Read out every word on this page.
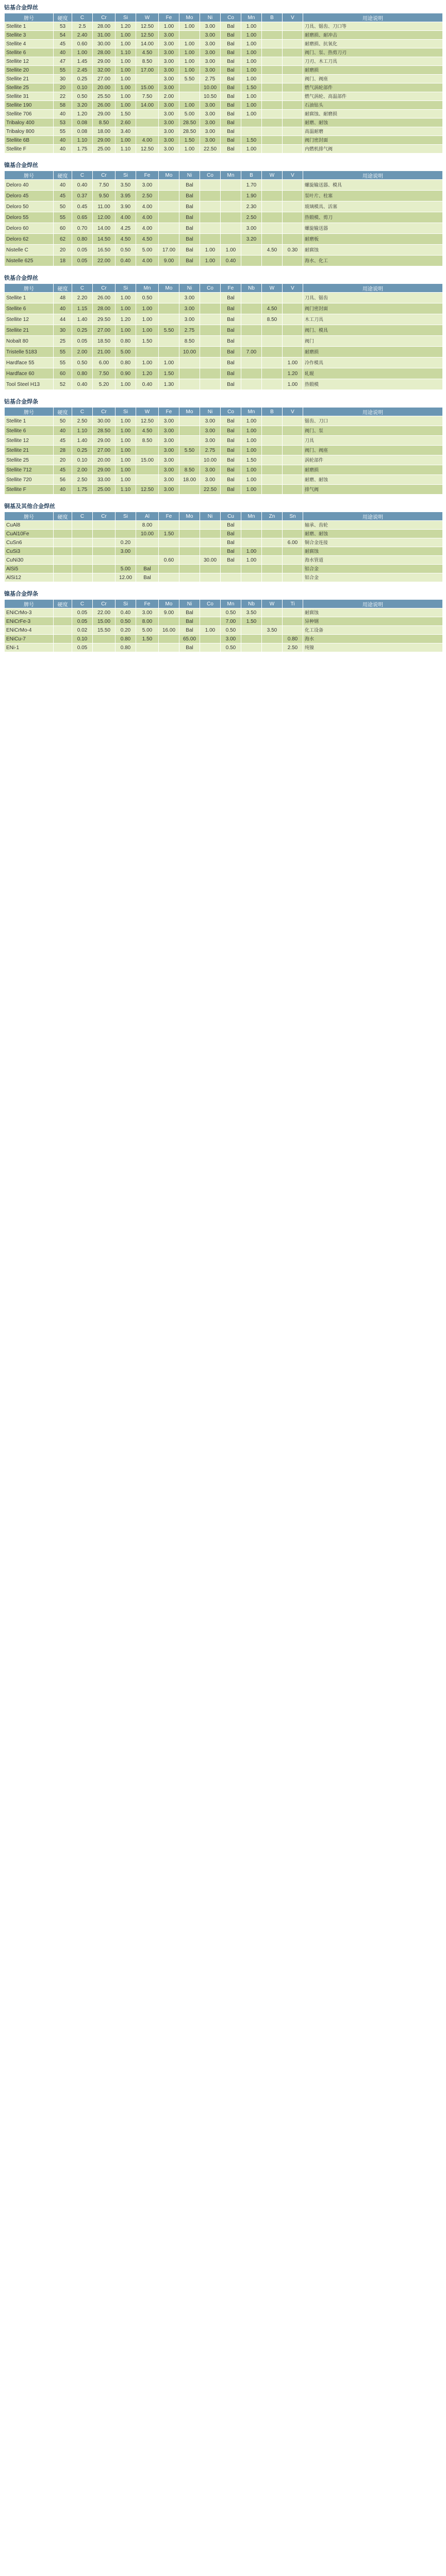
钴基合金焊丝
牌号	硬度	C	Cr	Si	W	Fe	Mo	Ni	Co	Mn	B	V	用途说明
Stellite 1	53	2.5	28.00	1.20	12.50	1.00	1.00	3.00	Bal	1.00			刀具、锯齿、刀口等
Stellite 3	54	2.40	31.00	1.00	12.50	3.00		3.00	Bal	1.00			耐磨损、耐冲击
Stellite 4	45	0.60	30.00	1.00	14.00	3.00	1.00	3.00	Bal	1.00			耐磨损、抗氧化
Stellite 6	40	1.00	28.00	1.10	4.50	3.00	1.00	3.00	Bal	1.00			阀门、泵、热剪刀刃
Stellite 12	47	1.45	29.00	1.00	8.50	3.00	1.00	3.00	Bal	1.00			刀刃、木工刀具
Stellite 20	55	2.45	32.00	1.00	17.00	3.00	1.00	3.00	Bal	1.00			耐磨损
Stellite 21	30	0.25	27.00	1.00		3.00	5.50	2.75	Bal	1.00			阀门、阀座
Stellite 25	20	0.10	20.00	1.00	15.00	3.00		10.00	Bal	1.50			燃气涡轮部件
Stellite 31	22	0.50	25.50	1.00	7.50	2.00		10.50	Bal	1.00			燃气涡轮、高温部件
Stellite 190	58	3.20	26.00	1.00	14.00	3.00	1.00	3.00	Bal	1.00			石油钻头
Stellite 706	40	1.20	29.00	1.50		3.00	5.00	3.00	Bal	1.00			耐腐蚀、耐磨损
Tribaloy 400	53	0.08	8.50	2.60		3.00	28.50	3.00	Bal				耐磨、耐蚀
Tribaloy 800	55	0.08	18.00	3.40		3.00	28.50	3.00	Bal				高温耐磨
Stellite 6B	40	1.10	29.00	1.00	4.00	3.00	1.50	3.00	Bal	1.50			阀门密封面
Stellite F	40	1.75	25.00	1.10	12.50	3.00	1.00	22.50	Bal	1.00			内燃机排气阀
镍基合金焊丝
牌号	硬度	C	Cr	Si	Fe	Mo	Ni	Co	Mn	B	W	V	用途说明
Deloro 40	40	0.40	7.50	3.50	3.00		Bal			1.70			螺旋输送器、模具
Deloro 45	45	0.37	9.50	3.95	2.50		Bal			1.90			泵叶片、柱塞
Deloro 50	50	0.45	11.00	3.90	4.00		Bal			2.30			玻璃模具、活塞
Deloro 55	55	0.65	12.00	4.00	4.00		Bal			2.50			热锻模、剪刀
Deloro 60	60	0.70	14.00	4.25	4.00		Bal			3.00			螺旋输送器
Deloro 62	62	0.80	14.50	4.50	4.50		Bal			3.20			耐磨板
Nistelle C	20	0.05	16.50	0.50	5.00	17.00	Bal	1.00	1.00		4.50	0.30	耐腐蚀
Nistelle 625	18	0.05	22.00	0.40	4.00	9.00	Bal	1.00	0.40				海水、化工
铁基合金焊丝
牌号	硬度	C	Cr	Si	Mn	Mo	Ni	Co	Fe	Nb	W	V	用途说明
Stellite 1	48	2.20	26.00	1.00	0.50		3.00		Bal				刀具、锯齿
Stellite 6	40	1.15	28.00	1.00	1.00		3.00		Bal		4.50		阀门密封面
Stellite 12	44	1.40	29.50	1.20	1.00		3.00		Bal		8.50		木工刀具
Stellite 21	30	0.25	27.00	1.00	1.00	5.50	2.75		Bal				阀门、模具
Nobalt 80	25	0.05	18.50	0.80	1.50		8.50		Bal				阀门
Tristelle 5183	55	2.00	21.00	5.00			10.00		Bal	7.00			耐磨损
Hardface 55	55	0.50	6.00	0.80	1.00	1.00			Bal			1.00	冷作模具
Hardface 60	60	0.80	7.50	0.90	1.20	1.50			Bal			1.20	轧辊
Tool Steel H13	52	0.40	5.20	1.00	0.40	1.30			Bal			1.00	热锻模
钴基合金焊条
牌号	硬度	C	Cr	Si	W	Fe	Mo	Ni	Co	Mn	B	V	用途说明
Stellite 1	50	2.50	30.00	1.00	12.50	3.00		3.00	Bal	1.00			锯齿、刀口
Stellite 6	40	1.10	28.50	1.00	4.50	3.00		3.00	Bal	1.00			阀门、泵
Stellite 12	45	1.40	29.00	1.00	8.50	3.00		3.00	Bal	1.00			刀具
Stellite 21	28	0.25	27.00	1.00		3.00	5.50	2.75	Bal	1.00			阀门、阀座
Stellite 25	20	0.10	20.00	1.00	15.00	3.00		10.00	Bal	1.50			涡轮部件
Stellite 712	45	2.00	29.00	1.00		3.00	8.50	3.00	Bal	1.00			耐磨损
Stellite 720	56	2.50	33.00	1.00		3.00	18.00	3.00	Bal	1.00			耐磨、耐蚀
Stellite F	40	1.75	25.00	1.10	12.50	3.00		22.50	Bal	1.00			排气阀
铜基及其他合金焊丝
牌号	硬度	C	Cr	Si	Al	Fe	Mo	Ni	Cu	Mn	Zn	Sn	用途说明
CuAl8					8.00				Bal				轴承、齿轮
CuAl10Fe					10.00	1.50			Bal				耐磨、耐蚀
CuSn6				0.20					Bal			6.00	铜合金连接
CuSi3				3.00					Bal	1.00			耐腐蚀
CuNi30						0.60		30.00	Bal	1.00			海水管道
AlSi5				5.00	Bal								铝合金
AlSi12				12.00	Bal								铝合金
镍基合金焊条
牌号	硬度	C	Cr	Si	Fe	Mo	Ni	Co	Mn	Nb	W	Ti	用途说明
ENiCrMo-3		0.05	22.00	0.40	3.00	9.00	Bal		0.50	3.50			耐腐蚀
ENiCrFe-3		0.05	15.00	0.50	8.00		Bal		7.00	1.50			异种钢
ENiCrMo-4		0.02	15.50	0.20	5.00	16.00	Bal	1.00	0.50		3.50		化工设备
ENiCu-7		0.10		0.80	1.50		65.00		3.00			0.80	海水
ENi-1		0.05		0.80			Bal		0.50			2.50	纯镍
